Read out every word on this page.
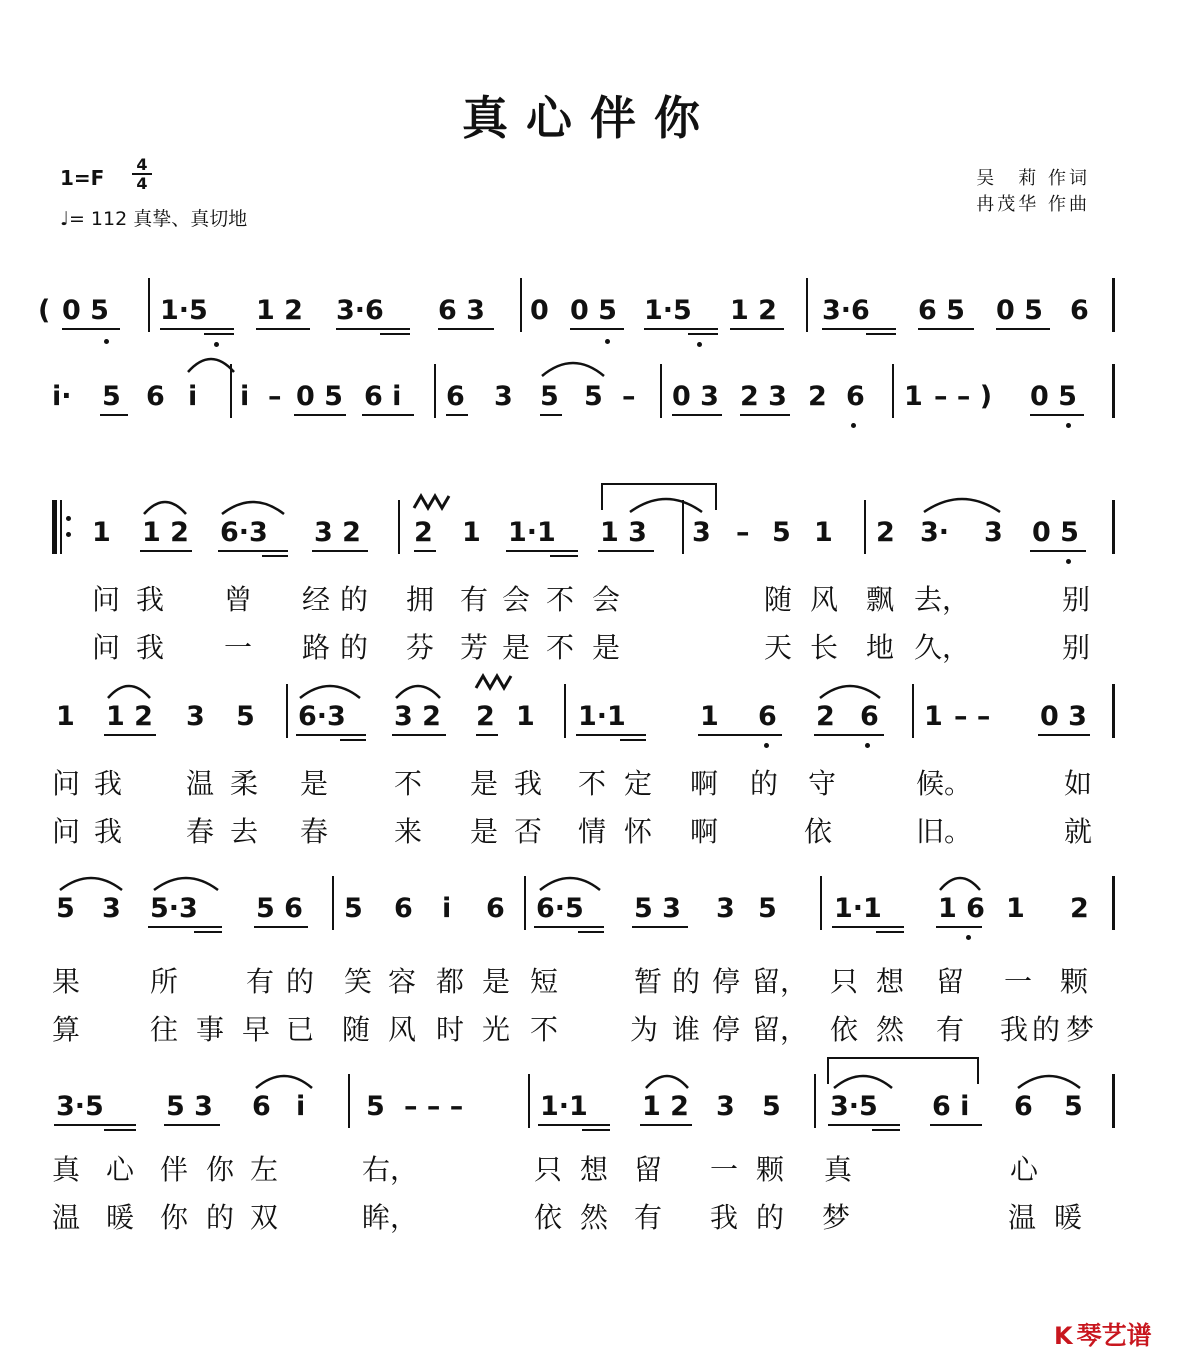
真心伴你
1=F
4
4
♩= 112 真挚、真切地
吴　莉 作词
冉茂华 作曲
( 0 5 1·5 1 2 3·6 6 3 0 0 5 1·5 1 2 3·6 6 5 0 5 6
i· 5 6 i i – 0 5 6 i 6 3 5 5 – 0 3 2 3 2 6 1 – – ) 0 5
1 1 2 6·3 3 2 2 1 1·1 1 3 3 – 5 1 2 3· 3 0 5
问 我 曾 经 的 拥 有 会 不 会	随 风 飘 去，	别
问 我 一 路 的 芬 芳 是 不 是	天 长 地 久，	别
1 1 2 3 5 6·3 3 2 2 1 1·1	1 6 2 6 1 – – 0 3
问 我 温 柔 是 不 是 我 不 定 啊 的 守	候。	如
问 我 春 去 春 来 是 否 情 怀 啊	依	旧。	就
5 3 5·3 5 6 5 6 i 6 6·5 5 3 3 5 1·1 1 6 1 2
果 所 有 的 笑 容 都 是 短	暂 的 停 留， 只 想 留 一 颗
算 往 事 早 已 随 风 时 光 不	为 谁 停 留， 依 然 有 我 的 梦
3·5 5 3 6 i 5 – – –	1·1 1 2 3 5 3·5 6 i 6 5
真 心 伴 你 左	右，	只 想 留 一 颗 真	心
温 暖 你 的 双	眸，	依 然 有 我 的 梦	温 暖
K 琴艺谱
